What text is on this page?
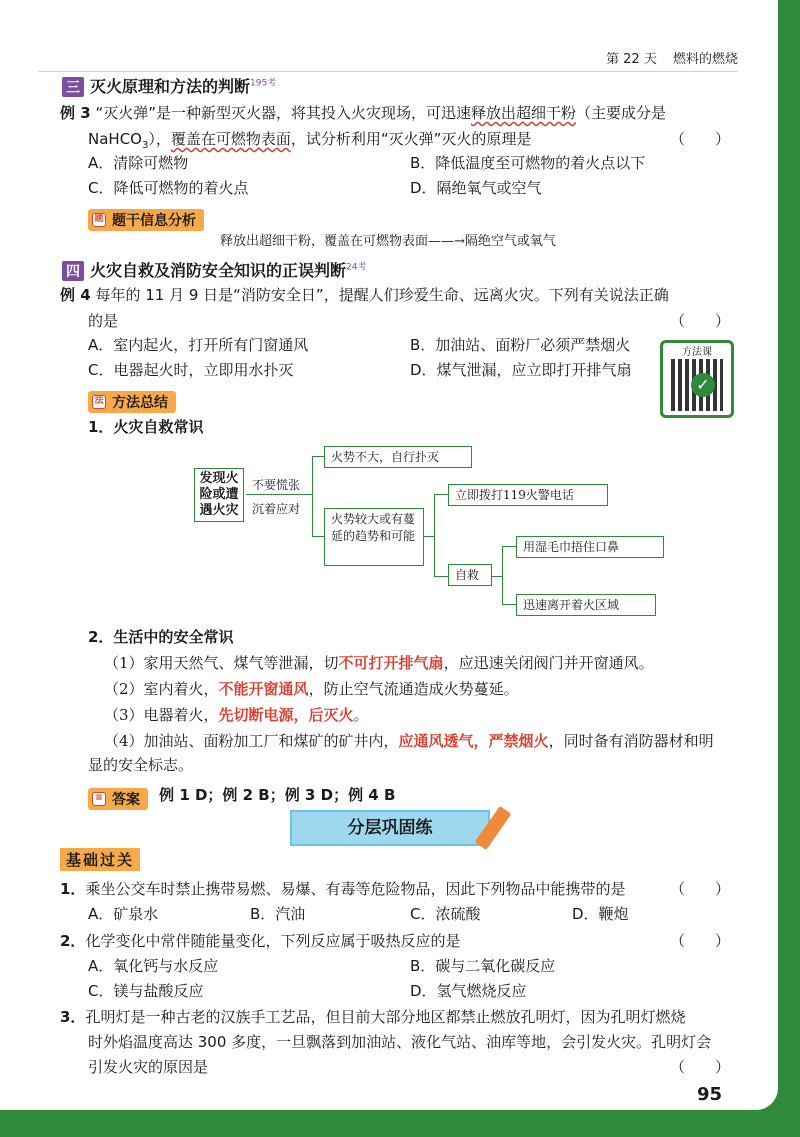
第 22 天 燃料的燃烧
三 灭火原理和方法的判断$^{195考}$
例 3 “灭火弹”是一种新型灭火器，将其投入火灾现场，可迅速释放出超细干粉（主要成分是
NaHCO$_3$），覆盖在可燃物表面，试分析利用“灭火弹”灭火的原理是	（　　）
A．清除可燃物	B．降低温度至可燃物的着火点以下
C．降低可燃物的着火点	D．隔绝氧气或空气
题 题干信息分析
释放出超细干粉，覆盖在可燃物表面——→隔绝空气或氧气
四 火灾自救及消防安全知识的正误判断$^{24考}$
例 4 每年的 11 月 9 日是“消防安全日”，提醒人们珍爱生命、远离火灾。下列有关说法正确
的是	（　　）
A．室内起火，打开所有门窗通风	B．加油站、面粉厂必须严禁烟火
C．电器起火时，立即用水扑灭	D．煤气泄漏，应立即打开排气扇
方法课
✓
法 方法总结
1．火灾自救常识
发现火险或遭遇火灾
不要慌张
沉着应对
火势不大，自行扑灭
火势较大或有蔓延的趋势和可能
立即拨打119火警电话
自救
用湿毛巾捂住口鼻
迅速离开着火区域
2．生活中的安全常识
（1）家用天然气、煤气等泄漏，切不可打开排气扇，应迅速关闭阀门并开窗通风。
（2）室内着火，不能开窗通风，防止空气流通造成火势蔓延。
（3）电器着火，先切断电源，后灭火。
（4）加油站、面粉加工厂和煤矿的矿井内，应通风透气，严禁烟火，同时备有消防器材和明
显的安全标志。
≡ 答案 例 1 D；例 2 B；例 3 D；例 4 B
分层巩固练
基础过关
1．乘坐公交车时禁止携带易燃、易爆、有毒等危险物品，因此下列物品中能携带的是	（　　）
A．矿泉水	B．汽油	C．浓硫酸	D．鞭炮
2．化学变化中常伴随能量变化，下列反应属于吸热反应的是	（　　）
A．氧化钙与水反应	B．碳与二氧化碳反应
C．镁与盐酸反应	D．氢气燃烧反应
3．孔明灯是一种古老的汉族手工艺品，但目前大部分地区都禁止燃放孔明灯，因为孔明灯燃烧
时外焰温度高达 300 多度，一旦飘落到加油站、液化气站、油库等地，会引发火灾。孔明灯会
引发火灾的原因是	（　　）
95
